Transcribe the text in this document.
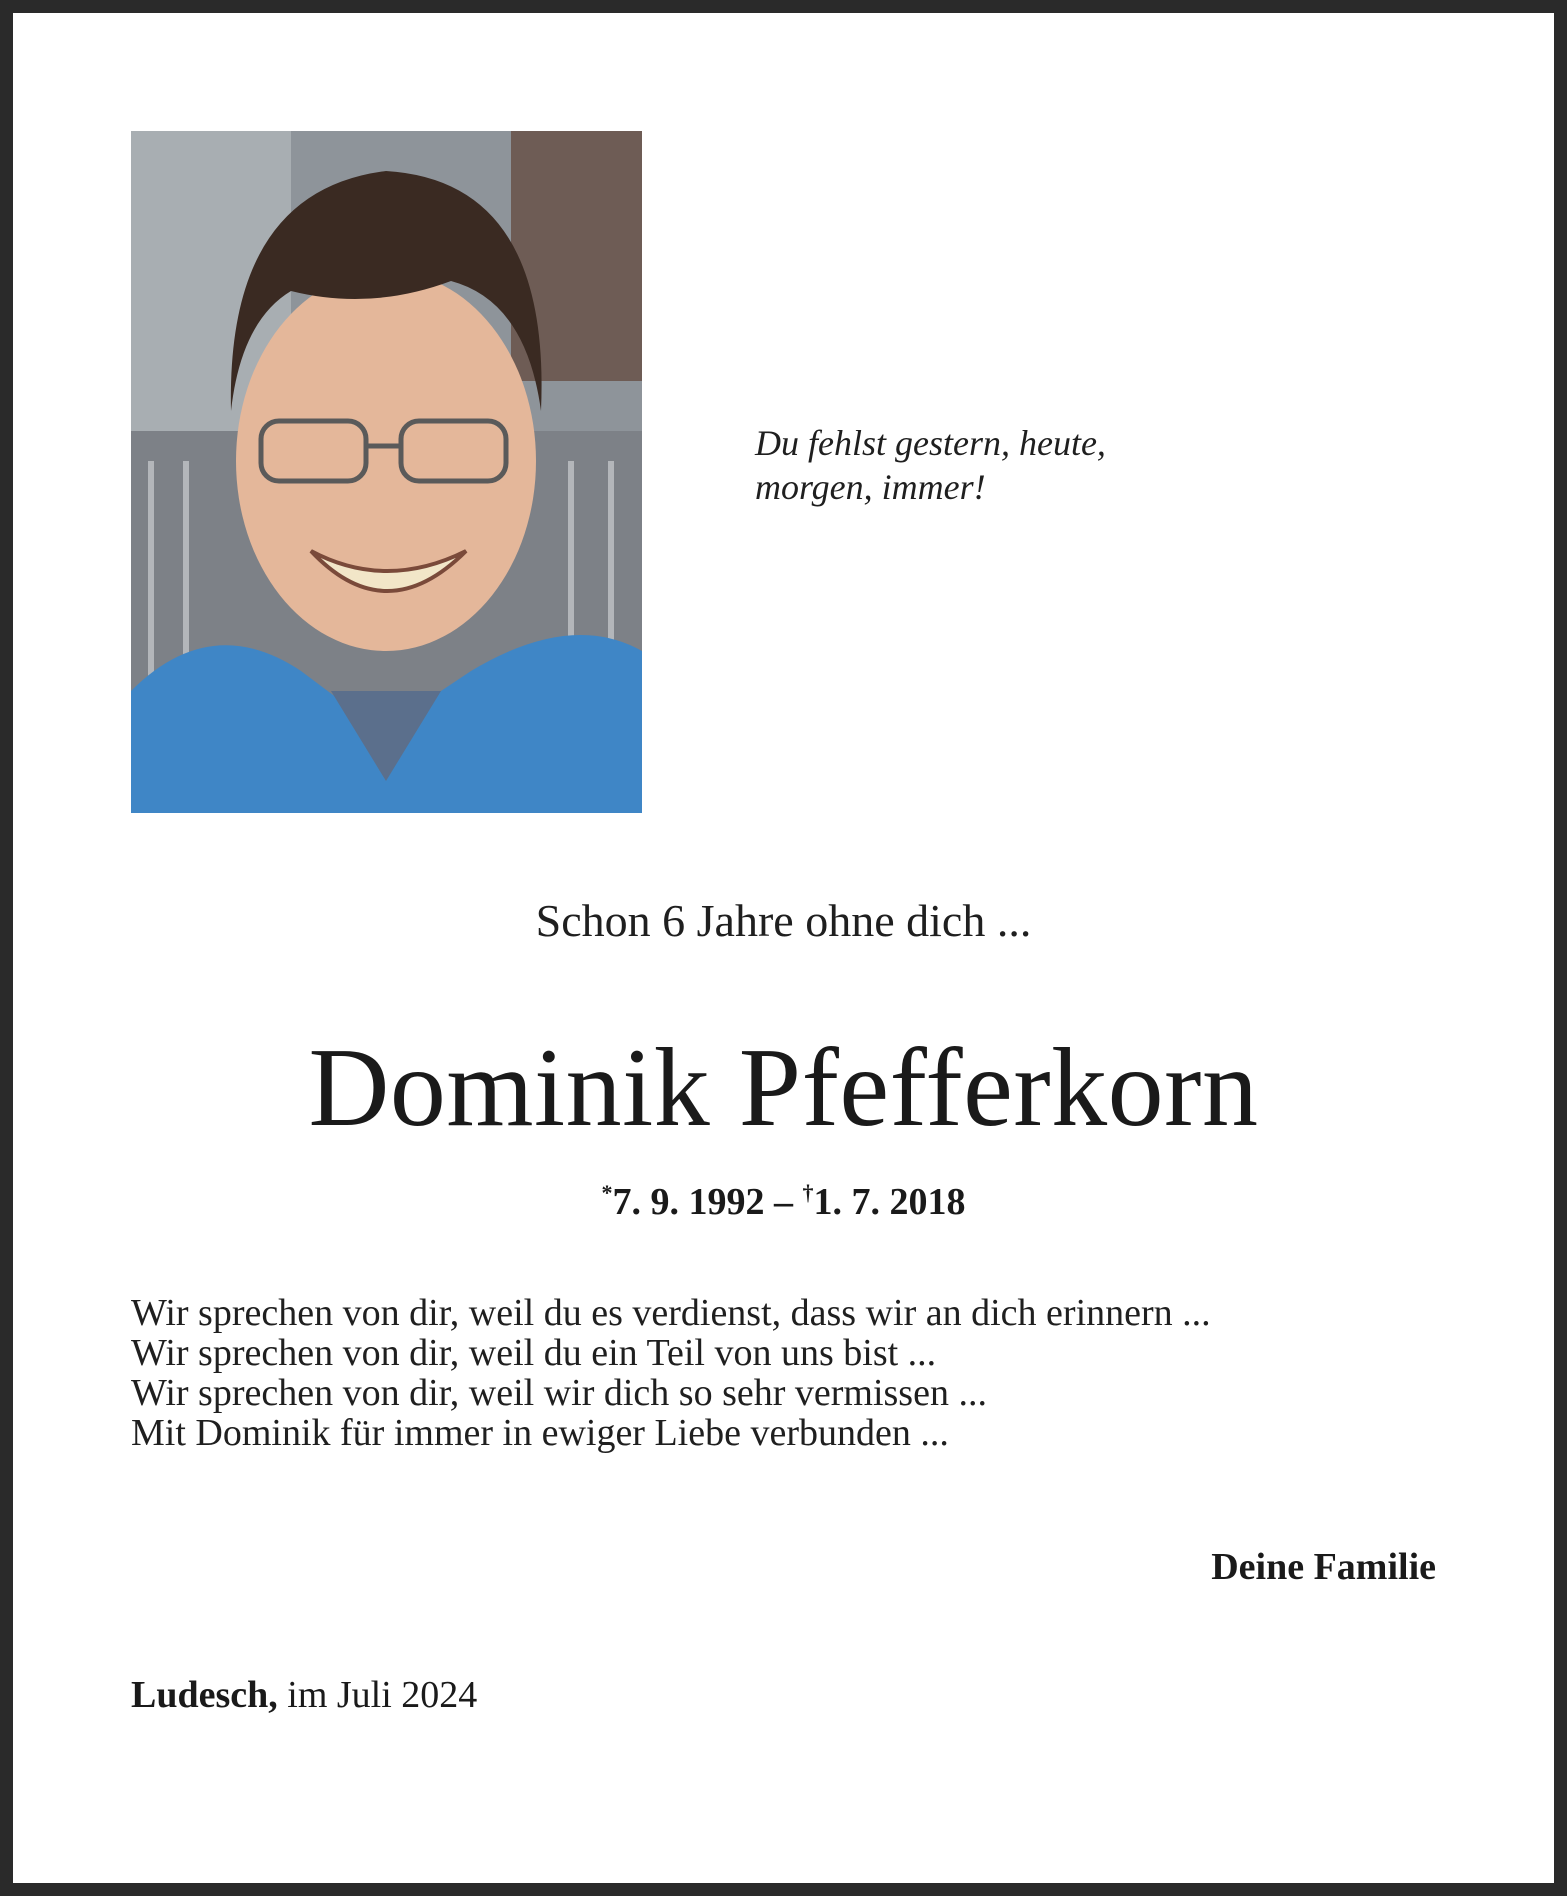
Du fehlst gestern, heute,
morgen, immer!
Schon 6 Jahre ohne dich ...
Dominik Pfefferkorn
*7. 9. 1992 – †1. 7. 2018
Wir sprechen von dir, weil du es verdienst, dass wir an dich erinnern ...
Wir sprechen von dir, weil du ein Teil von uns bist ...
Wir sprechen von dir, weil wir dich so sehr vermissen ...
Mit Dominik für immer in ewiger Liebe verbunden ...
Deine Familie
Ludesch, im Juli 2024
